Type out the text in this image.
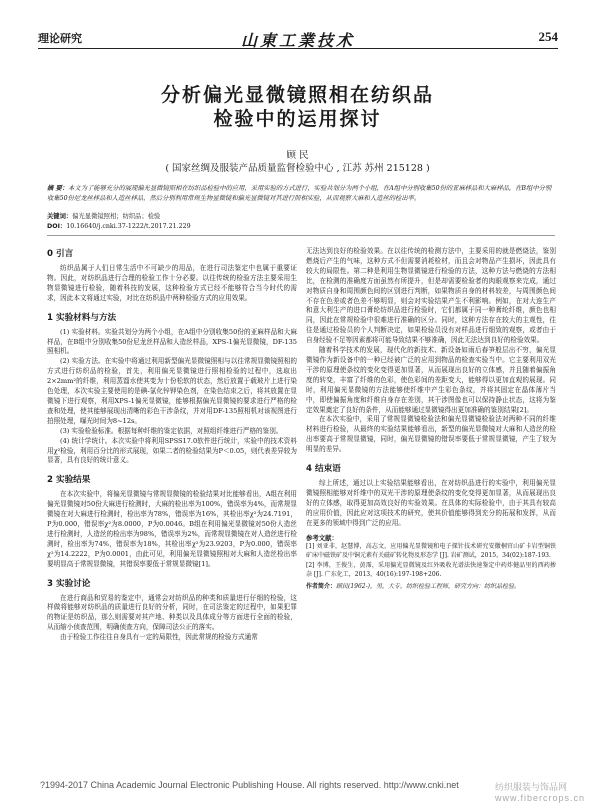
理论研究	山東工業技术	254
分析偏光显微镜照相在纺织品
检验中的运用探讨
顾 民
( 国家丝绸及服装产品质量监督检验中心 , 江苏 苏州 215128 )
摘 要：本文为了能够充分的展现偏光显微镜照相在纺织品检验中的应用，采用实验的方式进行，实验共划分为两个小组，在A组中分别收集50份的亚麻样品和大麻样品，在B组中分别收集50份尼龙丝样品和人造丝样品，然后分别利用常规生物显微镜和偏光显微镜对其进行照相实验，从而观察大麻和人造丝的检出率。
关键词：偏光显微镜照相；纺织品；检验
DOI：10.16640/j.cnki.37-1222/t.2017.21.229
0 引言

纺织品属于人们日常生活中不可缺少的用品，在进行司法鉴定中也属于重要证物。因此，对纺织品进行合理的检验工作十分必要。以往传统的检验方法主要采用生物显微镜进行检验，随着科技的发展，这种检验方式已经不能够符合当今时代的需求，因此本文将通过实验，对比在纺织品中两种检验方式的应用效果。

1 实验材料与方法

(1) 实验材料。实验共划分为两个小组，在A组中分别收集50份的亚麻样品和大麻样品，在B组中分别收集50份尼龙丝样品和人造丝样品，XPS-1偏光显微镜，DF-135照相机。

(2) 实验方法。在实验中将通过利用新型偏光显微镜照相与以往常规显微镜照相的方式进行纺织品的检验，首先，利用偏光显微镜进行照相检验的过程中，选取出2×2mm²的纤维，利用蒸馏水使其变为十份松软的状态，然后放置于载玻片上进行染色处理，本次实验主要使用的是碘-氯化锌钾染色剂，在染色结束之后，将其放置在显微镜下进行观察，利用XPS-1偏光显微镜，能够根据偏光显微镜的要求进行严格的检查和处理，使其能够展现出清晰的彩色干涉条纹，并对用DF-135照相机对该视图进行拍照处理，曝光时间为8~12s。

(3) 实验检验标准。根据每种纤维的鉴定依据，对照组纤维进行严格的鉴别。

(4) 统计学统计。本次实验中将利用SPSS17.0软件进行统计，实验中的技术资料用χ²检验，利用百分比的形式展现，如果二者的检验结果为P＜0.05，则代表差异较为显著，具有良好的统计意义。

2 实验结果

在本次实验中，将偏光显微镜与常规显微镜的检验结果对比能够看出，A组在利用偏光显微镜对50份大麻进行检测时，大麻的检出率为100%，错误率为4%，而常规显微镜在对大麻进行检测时，检出率为78%，错误率为16%，其检出率χ²为24.7191，P为0.000，错误率χ²为8.0000，P为0.0046。B组在利用偏光显微镜对50份人造丝进行检测时，人造丝的检出率为98%，错误率为2%，而常规显微镜在对人造丝进行检测时，检出率为74%，错误率为18%，其检出率χ²为23.9203，P为0.000，错误率χ²为14.2222，P为0.0001，由此可见，利用偏光显微镜照相对大麻和人造丝检出率要明显高于常规显微镜，其错误率要低于常规显微镜[1]。

3 实验讨论

在进行商品和贸易的鉴定中，通常会对纺织品的种类和质量进行仔细的检验，这样做将能够对纺织品的质量进行良好的分析，同时，在司法鉴定的过程中，如果犯罪的物证是纺织品，那么则需要对其产地、种类以及具体成分等方面进行全面的检验，从而缩小侦查范围，明确侦查方向，保障司法公正的落实。

由于检验工作往往自身具有一定的局限性，因此常规的检验方式通常

无法达到良好的检验效果。在以往传统的检测方法中，主要采用的就是燃烧法，鉴别燃烧后产生的气味，这种方式不但需要消耗检材，而且会对物品产生损坏，因此具有较大的局限性。第二种是利用生物显微镜进行检验的方法，这种方法与燃烧的方法相比，在检测的准确度方面虽然有所提升，但是却需要检验者的肉眼观察来完成，通过对物质自身和周围颜色间的区别进行判断，如果物质自身的材料较差，与周围颜色间不存在色差或者色差不够明显，则会对实验结果产生不利影响。例如，在对大连生产和意大利生产的进口膏纶纺织品进行检验时，它们都属于同一种膏纶纤维，颜色也相同，因此在常规检验中很难进行准确的区分。同时，这种方法存在较大的主观性，往往是通过检验员的个人判断决定，如果检验员没有对样品进行细致的观察，或者由于自身经验不足等因素都将可能导致结果不够准确，因此无法达到良好的检验效果。

随着科学技术的发展，现代化的新技术、新设备如雨后春笋般层出不穷，偏光显微镜作为新设备中的一种已经被广泛的应用到物品的检查实验当中。它主要利用双光干涉的原理使条纹的变化变得更加显著，从而展现出良好的立体感，并且随着偏振角度的转变，丰富了纤维的色彩，使色彩间的差距变大，能够得以更加直观的展现。同时，利用偏光显微镜的方法能够使纤维中产生彩色条纹，并将其固定在晶体薄片当中，即使偏振角度和纤维自身存在差别，其干涉图像也可以保持静止状态，这将为鉴定效果奠定了良好的条件，从而能够通过显微镜得出更加准确的鉴别结果[2]。

在本次实验中，采用了常规显微镜检验法和偏光显微镜检验法对两种不同的纤维材料进行检验，从最终的实验结果能够看出，新型的偏光显微镜对大麻和人造丝的检出率要高于常规显微镜，同时，偏光显微镜的错误率要低于常规显微镜，产生了较为明显的差异。

4 结束语

综上所述，通过以上实验结果能够看出，在对纺织品进行的实验中，利用偏光显微镜照相能够对纤维中的双光干涉的原理使条纹的变化变得更加显著，从而展现出良好的立体感，取得更加高效良好的实验效果。在具体的实际检验中，由于其具有较高的应用价值，因此应对这项技术的研究，使其价值能够得到充分的拓展和发挥，从而在更多的领域中得到广泛的应用。

参考文献：

[1] 刘亚非，赵慧博，高志文，应用偏光显微镜和电子探针技术研究安徽桐官山矿卡岩型铜铁矿床中磁铁矿及中铜元素有关磁矿转化物及形态学 [J]. 岩矿测试，2015，34(02):187-193.

[2] 李博，王俊生，黄霈，采用偏光显微镜及红外吸收光谱法快速鉴定中药炸健品里的西药掺杂 [J]. 广东化工，2013，40(16):197-198+206.

作者简介：顾民(1962-)，男，大专，纺织检验工程师，研究方向：纺织品检验。
?1994-2017 China Academic Journal Electronic Publishing House. All rights reserved. http://www.cnki.net	纺织服装与饰品网
www.fibercrops.cn
